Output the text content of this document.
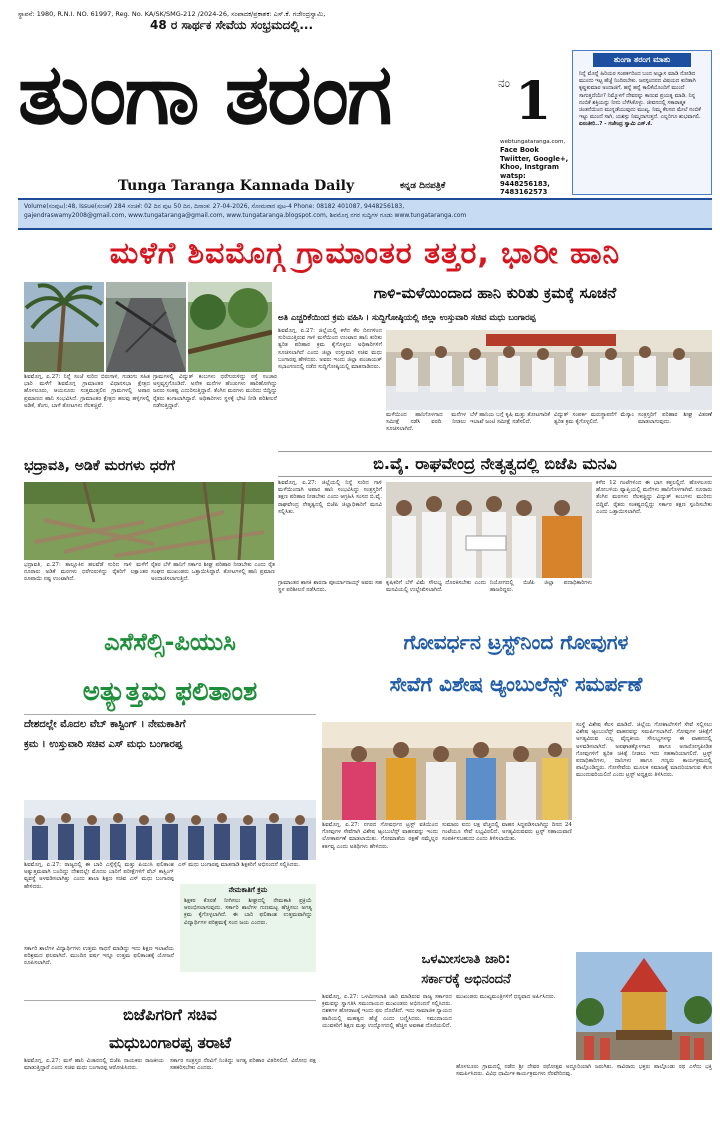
ಸ್ಥಾಪನೆ: 1980, R.N.I. NO. 61997, Reg. No. KA/SK/SMG-212 /2024-26, ಸಂಪಾದಕ/ಪ್ರಕಾಶಕ: ಎಸ್.ಕೆ. ಗಜೇಂದ್ರಸ್ವಾಮಿ,
48 ರ ಸಾರ್ಥಕ ಸೇವೆಯ ಸಂಭ್ರಮದಲ್ಲಿ...
ತುಂಗಾ ತರಂಗ
Tunga Taranga Kannada Daily	ಕನ್ನಡ ದಿನಪತ್ರಿಕೆ
$^{ನಂ}$ 1
webtungataranga.com,
Face Book
Twiitter, Google+,
Khoo, Instgram
watsp:
9448256183,
7483162573
ತುಂಗಾ ತರಂಗ ಮಾತು
ನಿನ್ನೆ ಮೊನ್ನೆ ಹಿರಿಯರ ಸಂಪರ್ಕದಿಂದ ಬಂದ ಅಭ್ಯಾಸ ಮಾಡಿ ನೋಡಿದ ಮುಂದು ಇಟ್ಟ ಹೆಜ್ಜೆ ನಿಂದಿರಬೇಕು. ಜನಸ್ಪಂದನದ ವಿಷಯದ ಕುರಿತಾಗಿ ಕೃಷ್ಣಕುಮಾರ ಅಂದಾಜಿಗೆ, ಹನ್ನೆ ಹನ್ನೆ ಕಾಲಿಕೆಯೊಂದಿಗೆ ಮುಂದೆ ಸಾಗುತ್ತದೆಯೇ? ನಿಮ್ಮೊಳಗೆ ದೇವರನ್ನು ಕಾಣುವ ಪ್ರಯತ್ನ ಮಾಡಿ. ನಿನ್ನ ನಂಬಿಕೆ ಶಕ್ತಿಯನ್ನು ನೀನು ಬೆಳೆಸಿಕೊಳ್ಳು. ಜೀವನದಲ್ಲಿ ಸಕಾರಾತ್ಮಕ ಚಿಂತನೆಯಿಂದ ಮುನ್ನಡೆಯುವುದು ಮುಖ್ಯ. ನಿಮ್ಮ ಕೆಲಸದ ಮೇಲೆ ನಂಬಿಕೆ ಇಟ್ಟು ಮುಂದೆ ಸಾಗಿ, ಯಶಸ್ಸು ನಿಮ್ಮದಾಗುತ್ತದೆ. ಎಲ್ಲರಿಗೂ ಶುಭವಾಗಲಿ. ಏನಂತೀರಿ..? - ಗಜೇಂದ್ರ ಸ್ವಾಮಿ ಎಸ್.ಕೆ.
Volume(ಸಂಪುಟ):48, Issue(ಸಂಚಿಕೆ) 284 ಸಂಚಿಕೆ: 02 ದಿನ ಪುಟ 50 ದಿನ, ದಿನಾಂಕ: 27-04-2026, ಸೋಮವಾರ ಪುಟ-4 Phone: 08182 401087, 9448256183,
gajendraswamy2008@gmail.com, www.tungataranga@gmail.com, www.tungataranga.blogspot.com, ಶಿವಮೊಗ್ಗ ನಗರ ಸುದ್ದಿಗಳ ಗೂಡು www.tungataranga.com
ಮಳೆಗೆ ಶಿವಮೊಗ್ಗ ಗ್ರಾಮಾಂತರ ತತ್ತರ, ಭಾರೀ ಹಾನಿ
ಶಿವಮೊಗ್ಗ, ಏ.27: ನಿನ್ನೆ ಸಂಜೆ ಸುರಿದ ಬಿರುಗಾಳಿ, ಗುಡುಗು ಸಹಿತ ಭಾರಿ ಮಳೆಗೆ ಶಿವಮೊಗ್ಗ ಗ್ರಾಮಾಂತರ ವಿಧಾನಸಭಾ ಕ್ಷೇತ್ರದ ಹೊಳಲೂರು, ಆಯನೂರು ಸುತ್ತಮುತ್ತಲಿನ ಗ್ರಾಮಗಳಲ್ಲಿ ಅಪಾರ ಪ್ರಮಾಣದ ಹಾನಿ ಸಂಭವಿಸಿದೆ. ಗ್ರಾಮಾಂತರ ಕ್ಷೇತ್ರದ ಹಲವು ಹಳ್ಳಿಗಳಲ್ಲಿ ಅಡಿಕೆ, ತೆಂಗು, ಬಾಳೆ ತೋಟಗಳು ನೆಲಕಚ್ಚಿವೆ.
ಗ್ರಾಮಗಳಲ್ಲಿ ವಿದ್ಯುತ್ ಕಂಬಗಳು ಧರೆಗುರುಳಿದ್ದು ರಸ್ತೆ ಸಂಚಾರ ಅಸ್ತವ್ಯಸ್ತಗೊಂಡಿದೆ. ಅನೇಕ ಮನೆಗಳ ಹೆಂಚುಗಳು ಹಾರಿಹೋಗಿದ್ದು ಜನರು ಸಂಕಷ್ಟ ಎದುರಿಸುತ್ತಿದ್ದಾರೆ. ತೆಂಗಿನ ಮರಗಳು ಮುರಿದು ಬಿದ್ದಿದ್ದು ರೈತರು ಕಂಗಾಲಾಗಿದ್ದಾರೆ. ಅಧಿಕಾರಿಗಳು ಸ್ಥಳಕ್ಕೆ ಭೇಟಿ ನೀಡಿ ಪರಿಶೀಲನೆ ನಡೆಸುತ್ತಿದ್ದಾರೆ.
ಭದ್ರಾವತಿ, ಅಡಿಕೆ ಮರಗಳು ಧರೆಗೆ
ಭದ್ರಾವತಿ, ಏ.27: ತಾಲ್ಲೂಕಿನ ಹಲವೆಡೆ ಸುರಿದ ಗಾಳಿ ಮಳೆಗೆ ನೂರಾರು ಅಡಿಕೆ ಮರಗಳು ಧರೆಗುರುಳಿದ್ದು ರೈತರಿಗೆ ಲಕ್ಷಾಂತರ ರೂಪಾಯಿ ನಷ್ಟ ಉಂಟಾಗಿದೆ.
ರೈತರ ಬೆಳೆ ಹಾನಿಗೆ ಸರ್ಕಾರ ಶೀಘ್ರ ಪರಿಹಾರ ನೀಡಬೇಕು ಎಂದು ರೈತ ಸಂಘದ ಮುಖಂಡರು ಒತ್ತಾಯಿಸಿದ್ದಾರೆ. ತೋಟಗಳಲ್ಲಿ ಹಾನಿ ಪ್ರಮಾಣ ಅಂದಾಜಿಸಲಾಗುತ್ತಿದೆ.
ಗಾಳಿ-ಮಳೆಯಿಂದಾದ ಹಾನಿ ಕುರಿತು ಕ್ರಮಕ್ಕೆ ಸೂಚನೆ
ಅತಿ ಎಚ್ಚರಿಕೆಯಿಂದ ಕ್ರಮ ವಹಿಸಿ । ಸುದ್ದಿಗೋಷ್ಠಿಯಲ್ಲಿ ಜಿಲ್ಲಾ ಉಸ್ತುವಾರಿ ಸಚಿವ ಮಧು ಬಂಗಾರಪ್ಪ
ಶಿವಮೊಗ್ಗ, ಏ.27: ಜಿಲ್ಲೆಯಲ್ಲಿ ಕಳೆದ ಕೆಲ ದಿನಗಳಿಂದ ಸುರಿಯುತ್ತಿರುವ ಗಾಳಿ ಮಳೆಯಿಂದ ಉಂಟಾದ ಹಾನಿ ಕುರಿತು ತ್ವರಿತ ಪರಿಹಾರ ಕ್ರಮ ಕೈಗೊಳ್ಳಲು ಅಧಿಕಾರಿಗಳಿಗೆ ಸೂಚಿಸಲಾಗಿದೆ ಎಂದು ಜಿಲ್ಲಾ ಉಸ್ತುವಾರಿ ಸಚಿವ ಮಧು ಬಂಗಾರಪ್ಪ ಹೇಳಿದರು. ಅವರು ಇಂದು ಜಿಲ್ಲಾ ಪಂಚಾಯತ್ ಸಭಾಂಗಣದಲ್ಲಿ ನಡೆದ ಸುದ್ದಿಗೋಷ್ಠಿಯಲ್ಲಿ ಮಾತನಾಡಿದರು.
ಮಳೆಯಿಂದ ಹಾನಿಗೊಳಗಾದ ಮನೆಗಳ ಸಮೀಕ್ಷೆ ನಡೆಸಿ ವರದಿ ನೀಡಲು ಸೂಚಿಸಲಾಗಿದೆ.
ಬೆಳೆ ಹಾನಿಯ ಬಗ್ಗೆ ಕೃಷಿ ಮತ್ತು ತೋಟಗಾರಿಕೆ ಇಲಾಖೆ ಜಂಟಿ ಸಮೀಕ್ಷೆ ನಡೆಸಲಿದೆ.
ವಿದ್ಯುತ್ ಸಂಪರ್ಕ ಮರುಸ್ಥಾಪನೆಗೆ ಮೆಸ್ಕಾಂ ತ್ವರಿತ ಕ್ರಮ ಕೈಗೊಳ್ಳಲಿದೆ.
ಸಂತ್ರಸ್ತರಿಗೆ ಪರಿಹಾರ ಶೀಘ್ರ ವಿತರಣೆ ಮಾಡಲಾಗುವುದು.
ಬಿ.ವೈ. ರಾಘವೇಂದ್ರ ನೇತೃತ್ವದಲ್ಲಿ ಬಿಜೆಪಿ ಮನವಿ
ಶಿವಮೊಗ್ಗ, ಏ.27: ಜಿಲ್ಲೆಯಲ್ಲಿ ನಿನ್ನೆ ಸುರಿದ ಗಾಳಿ ಮಳೆಯಿಂದಾಗಿ ಅಪಾರ ಹಾನಿ ಸಂಭವಿಸಿದ್ದು ಸಂತ್ರಸ್ತರಿಗೆ ತಕ್ಷಣ ಪರಿಹಾರ ನೀಡಬೇಕು ಎಂದು ಆಗ್ರಹಿಸಿ ಸಂಸದ ಬಿ.ವೈ. ರಾಘವೇಂದ್ರ ನೇತೃತ್ವದಲ್ಲಿ ಬಿಜೆಪಿ ಜಿಲ್ಲಾಧಿಕಾರಿಗೆ ಮನವಿ ಸಲ್ಲಿಸಿತು.
ಕಳೆದ 12 ಗಂಟೆಗಳಿಂದ ಈ ಭಾಗ ಕತ್ತಲಲ್ಲಿದೆ. ಹೊಳಲೂರು ಹೋಬಳಿಯ ವ್ಯಾಪ್ತಿಯಲ್ಲಿ ಮನೆಗಳು ಹಾನಿಗೊಳಗಾಗಿವೆ. ನೂರಾರು ತೆಂಗಿನ ಮರಗಳು ನೆಲಕಚ್ಚಿದ್ದು ವಿದ್ಯುತ್ ಕಂಬಗಳು ಮುರಿದು ಬಿದ್ದಿವೆ. ರೈತರು ಸಂಕಷ್ಟದಲ್ಲಿದ್ದು ಸರ್ಕಾರ ತಕ್ಷಣ ಸ್ಪಂದಿಸಬೇಕು ಎಂದು ಒತ್ತಾಯಿಸಲಾಗಿದೆ.
ಗ್ರಾಮಾಂತರ ಶಾಸಕಿ ಶಾರದಾ ಪೂರ್ಯಾನಾಯ್ಕ್ ಅವರು ಸಹ ಸ್ಥಳ ಪರಿಶೀಲನೆ ನಡೆಸಿದರು.
ಕೃಷಿಕರಿಗೆ ಬೆಳೆ ವಿಮೆ ಸೌಲಭ್ಯ ದೊರಕಿಸಬೇಕು ಎಂದು ಮನವಿಯಲ್ಲಿ ಉಲ್ಲೇಖಿಸಲಾಗಿದೆ.
ನಿಯೋಗದಲ್ಲಿ ಬಿಜೆಪಿ ಜಿಲ್ಲಾ ಪದಾಧಿಕಾರಿಗಳು ಹಾಜರಿದ್ದರು.
ಎಸೆಸೆಲ್ಸಿ-ಪಿಯುಸಿ
ಅತ್ಯುತ್ತಮ ಫಲಿತಾಂಶ
ದೇಶದಲ್ಲೇ ಮೊದಲ ವೆಬ್ ಕಾಸ್ಟಿಂಗ್ । ನೇಮಕಾತಿಗೆ
ಕ್ರಮ । ಉಸ್ತುವಾರಿ ಸಚಿವ ಎಸ್ ಮಧು ಬಂಗಾರಪ್ಪ
ಶಿವಮೊಗ್ಗ, ಏ.27: ರಾಜ್ಯದಲ್ಲಿ ಈ ಬಾರಿ ಎಸ್ಸೆಸ್ಸೆಲ್ಸಿ ಮತ್ತು ಪಿಯುಸಿ ಫಲಿತಾಂಶ ಅತ್ಯುತ್ತಮವಾಗಿ ಬಂದಿದ್ದು ದೇಶದಲ್ಲೇ ಮೊದಲ ಬಾರಿಗೆ ಪರೀಕ್ಷೆಗಳಿಗೆ ವೆಬ್ ಕಾಸ್ಟಿಂಗ್ ವ್ಯವಸ್ಥೆ ಅಳವಡಿಸಲಾಗಿತ್ತು ಎಂದು ಶಾಲಾ ಶಿಕ್ಷಣ ಸಚಿವ ಎಸ್ ಮಧು ಬಂಗಾರಪ್ಪ ಹೇಳಿದರು.
ಎಸ್ ಮಧು ಬಂಗಾರಪ್ಪ ಮಾತನಾಡಿ ಶಿಕ್ಷಕರಿಗೆ ಅಭಿನಂದನೆ ಸಲ್ಲಿಸಿದರು.
ನೇಮಕಾತಿಗೆ ಕ್ರಮ
ಶಿಕ್ಷಕರ ಕೊರತೆ ನೀಗಿಸಲು ಶೀಘ್ರದಲ್ಲಿ ನೇಮಕಾತಿ ಪ್ರಕ್ರಿಯೆ ಆರಂಭಿಸಲಾಗುವುದು. ಸರ್ಕಾರಿ ಶಾಲೆಗಳ ಗುಣಮಟ್ಟ ಹೆಚ್ಚಿಸಲು ಅಗತ್ಯ ಕ್ರಮ ಕೈಗೊಳ್ಳಲಾಗಿದೆ. ಈ ಬಾರಿ ಫಲಿತಾಂಶ ಉತ್ತಮವಾಗಿದ್ದು ವಿದ್ಯಾರ್ಥಿಗಳ ಪರಿಶ್ರಮಕ್ಕೆ ಸಂದ ಜಯ ಎಂದರು.
ಸರ್ಕಾರಿ ಶಾಲೆಗಳ ವಿದ್ಯಾರ್ಥಿಗಳು ಉತ್ತಮ ಸಾಧನೆ ಮಾಡಿದ್ದು ಇದು ಶಿಕ್ಷಣ ಇಲಾಖೆಯ ಪರಿಶ್ರಮದ ಫಲವಾಗಿದೆ. ಮುಂದಿನ ವರ್ಷ ಇನ್ನೂ ಉತ್ತಮ ಫಲಿತಾಂಶಕ್ಕೆ ಯೋಜನೆ ರೂಪಿಸಲಾಗಿದೆ.
ಬಿಜೆಪಿಗರಿಗೆ ಸಚಿವ
ಮಧುಬಂಗಾರಪ್ಪ ತರಾಟೆ
ಶಿವಮೊಗ್ಗ, ಏ.27: ಮಳೆ ಹಾನಿ ವಿಚಾರದಲ್ಲಿ ಬಿಜೆಪಿ ನಾಯಕರು ರಾಜಕೀಯ ಮಾಡುತ್ತಿದ್ದಾರೆ ಎಂದು ಸಚಿವ ಮಧು ಬಂಗಾರಪ್ಪ ಆರೋಪಿಸಿದರು.
ಸರ್ಕಾರ ಸಂತ್ರಸ್ತರ ನೆರವಿಗೆ ನಿಂತಿದ್ದು ಅಗತ್ಯ ಪರಿಹಾರ ವಿತರಿಸಲಿದೆ. ವಿರೋಧ ಪಕ್ಷ ಸಹಕರಿಸಬೇಕು ಎಂದರು.
ಗೋವರ್ಧನ ಟ್ರಸ್ಟ್‌ನಿಂದ ಗೋವುಗಳ
ಸೇವೆಗೆ ವಿಶೇಷ ಆ್ಯಂಬುಲೆನ್ಸ್ ಸಮರ್ಪಣೆ
ಸಂಸ್ಥೆ ವಿಶೇಷ ಕೆಲಸ ಮಾಡಿದೆ. ಜಿಲ್ಲೆಯ ಗೋಶಾಲೆಗಳಿಗೆ ಸೇವೆ ಸಲ್ಲಿಸಲು ವಿಶೇಷ ಆ್ಯಂಬುಲೆನ್ಸ್ ವಾಹನವನ್ನು ಸಮರ್ಪಿಸಲಾಗಿದೆ. ಗೋವುಗಳ ಚಿಕಿತ್ಸೆಗೆ ಅಗತ್ಯವಿರುವ ಎಲ್ಲ ವೈದ್ಯಕೀಯ ಸೌಲಭ್ಯಗಳನ್ನು ಈ ವಾಹನದಲ್ಲಿ ಅಳವಡಿಸಲಾಗಿದೆ. ಅಪಘಾತಕ್ಕೊಳಗಾದ ಹಾಗೂ ಅನಾರೋಗ್ಯಪೀಡಿತ ಗೋವುಗಳಿಗೆ ತ್ವರಿತ ಚಿಕಿತ್ಸೆ ನೀಡಲು ಇದು ಸಹಕಾರಿಯಾಗಲಿದೆ. ಟ್ರಸ್ಟ್ ಪದಾಧಿಕಾರಿಗಳು, ದಾನಿಗಳು ಹಾಗೂ ಗಣ್ಯರು ಕಾರ್ಯಕ್ರಮದಲ್ಲಿ ಪಾಲ್ಗೊಂಡಿದ್ದರು. ಗೋಸೇವೆಯ ಮೂಲಕ ಸಮಾಜಕ್ಕೆ ಮಾದರಿಯಾಗುವ ಕೆಲಸ ಮುಂದುವರಿಯಲಿದೆ ಎಂದು ಟ್ರಸ್ಟ್ ಅಧ್ಯಕ್ಷರು ತಿಳಿಸಿದರು.
ಶಿವಮೊಗ್ಗ, ಏ.27: ನಗರದ ಗೋವರ್ಧನ ಟ್ರಸ್ಟ್ ವತಿಯಿಂದ ಗೋವುಗಳ ಸೇವೆಗಾಗಿ ವಿಶೇಷ ಆ್ಯಂಬುಲೆನ್ಸ್ ವಾಹನವನ್ನು ಇಂದು ಲೋಕಾರ್ಪಣೆ ಮಾಡಲಾಯಿತು. ಗೋಮಾತೆಯ ರಕ್ಷಣೆ ನಮ್ಮೆಲ್ಲರ ಕರ್ತವ್ಯ ಎಂದು ಅತಿಥಿಗಳು ಹೇಳಿದರು.
ಸುಮಾರು ಐದು ಲಕ್ಷ ವೆಚ್ಚದಲ್ಲಿ ವಾಹನ ಸಿದ್ಧಪಡಿಸಲಾಗಿದ್ದು ದಿನದ 24 ಗಂಟೆಯೂ ಸೇವೆ ಲಭ್ಯವಿರಲಿದೆ. ಅಗತ್ಯವಿರುವವರು ಟ್ರಸ್ಟ್ ಸಹಾಯವಾಣಿ ಸಂಪರ್ಕಿಸಬಹುದು ಎಂದು ತಿಳಿಸಲಾಯಿತು.
ಒಳಮೀಸಲಾತಿ ಜಾರಿ:
ಸರ್ಕಾರಕ್ಕೆ ಅಭಿನಂದನೆ
ಶಿವಮೊಗ್ಗ, ಏ.27: ಒಳಮೀಸಲಾತಿ ಜಾರಿ ಮಾಡಿರುವ ರಾಜ್ಯ ಸರ್ಕಾರದ ಕ್ರಮವನ್ನು ಸ್ವಾಗತಿಸಿ ಸಮುದಾಯದ ಮುಖಂಡರು ಅಭಿನಂದನೆ ಸಲ್ಲಿಸಿದರು. ದಶಕಗಳ ಹೋರಾಟಕ್ಕೆ ಇಂದು ಫಲ ದೊರೆತಿದೆ. ಇದು ಸಾಮಾಜಿಕ ನ್ಯಾಯದ ಹಾದಿಯಲ್ಲಿ ಮಹತ್ವದ ಹೆಜ್ಜೆ ಎಂದು ಬಣ್ಣಿಸಿದರು. ಸಮುದಾಯದ ಯುವಕರಿಗೆ ಶಿಕ್ಷಣ ಮತ್ತು ಉದ್ಯೋಗದಲ್ಲಿ ಹೆಚ್ಚಿನ ಅವಕಾಶ ದೊರೆಯಲಿದೆ.
ಮುಖಂಡರು ಮುಖ್ಯಮಂತ್ರಿಗಳಿಗೆ ಧನ್ಯವಾದ ಅರ್ಪಿಸಿದರು.
ಹೊಳಲೂರು ಗ್ರಾಮದಲ್ಲಿ ನಡೆದ ಶ್ರೀ ದೇವರ ರಥೋತ್ಸವ ಅದ್ದೂರಿಯಾಗಿ ಜರುಗಿತು. ಸಾವಿರಾರು ಭಕ್ತರು ಪಾಲ್ಗೊಂಡು ರಥ ಎಳೆದು ಭಕ್ತಿ ಸಮರ್ಪಿಸಿದರು. ವಿವಿಧ ಧಾರ್ಮಿಕ ಕಾರ್ಯಕ್ರಮಗಳು ನೆರವೇರಿದವು.
